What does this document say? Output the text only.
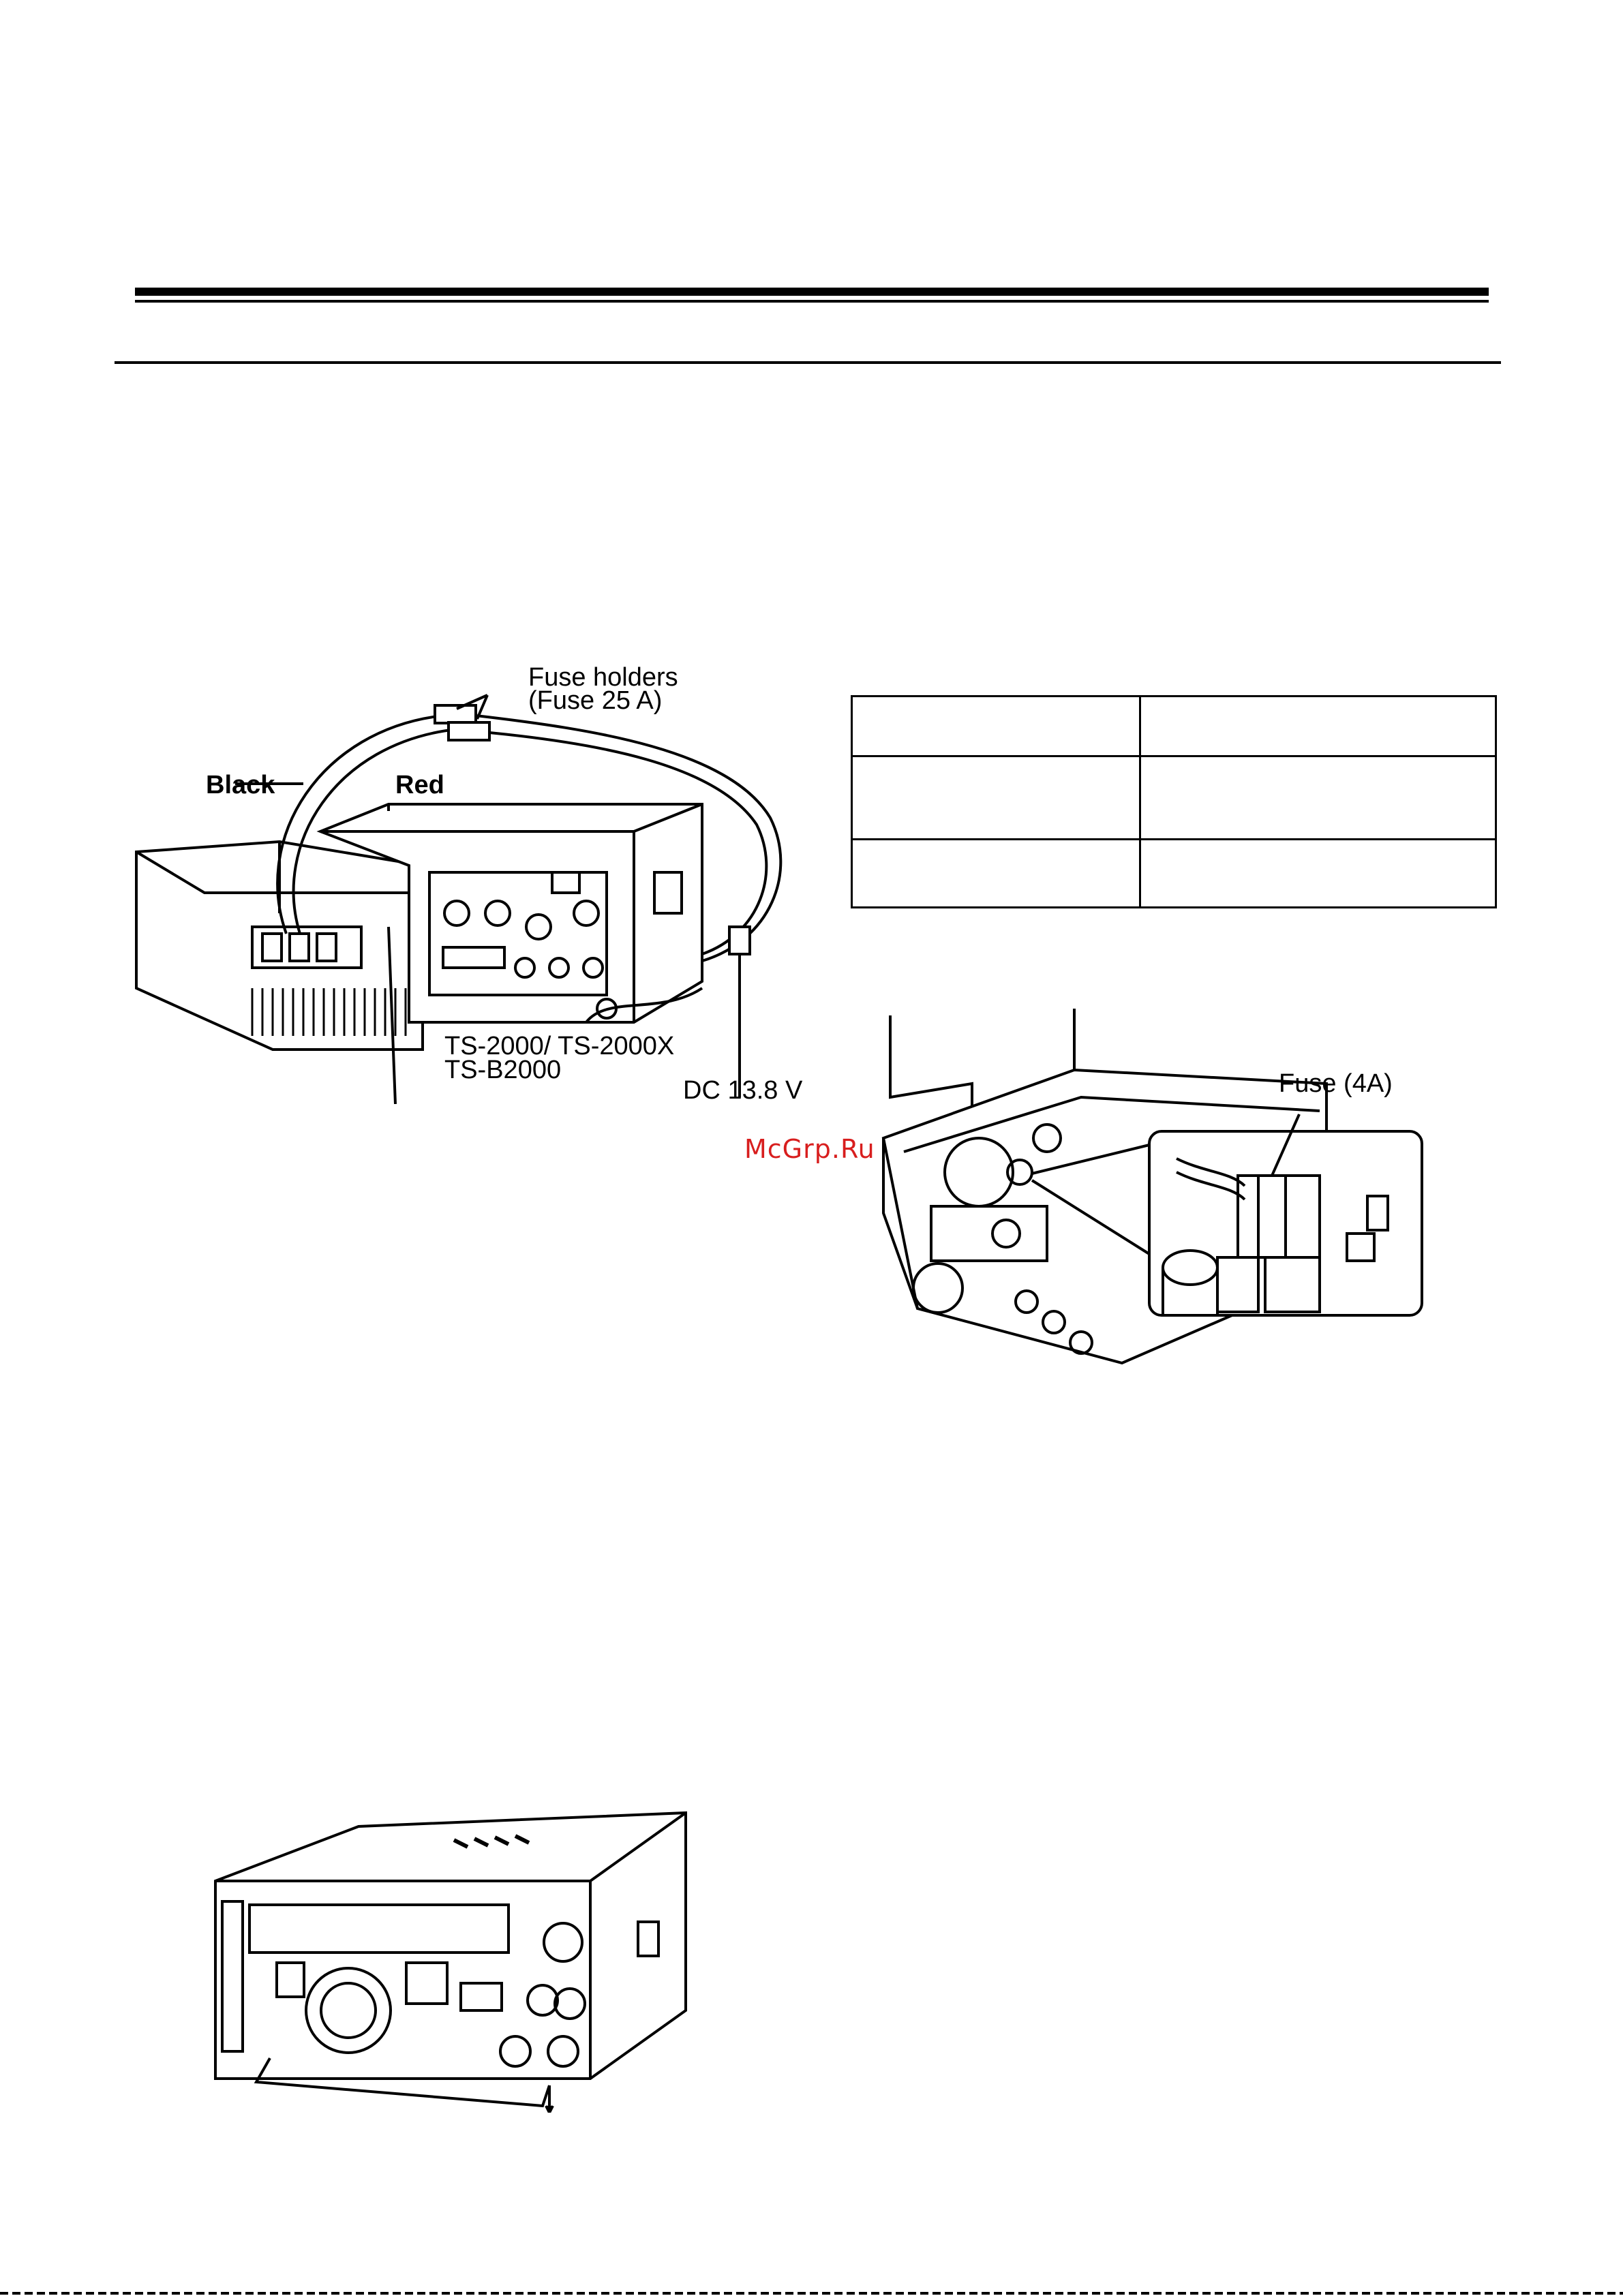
Fuse holders
(Fuse 25 A)
Black	Red
TS-2000/ TS-2000X
TS-B2000
DC 13.8 V

		Fuse (4A)
McGrp.Ru
